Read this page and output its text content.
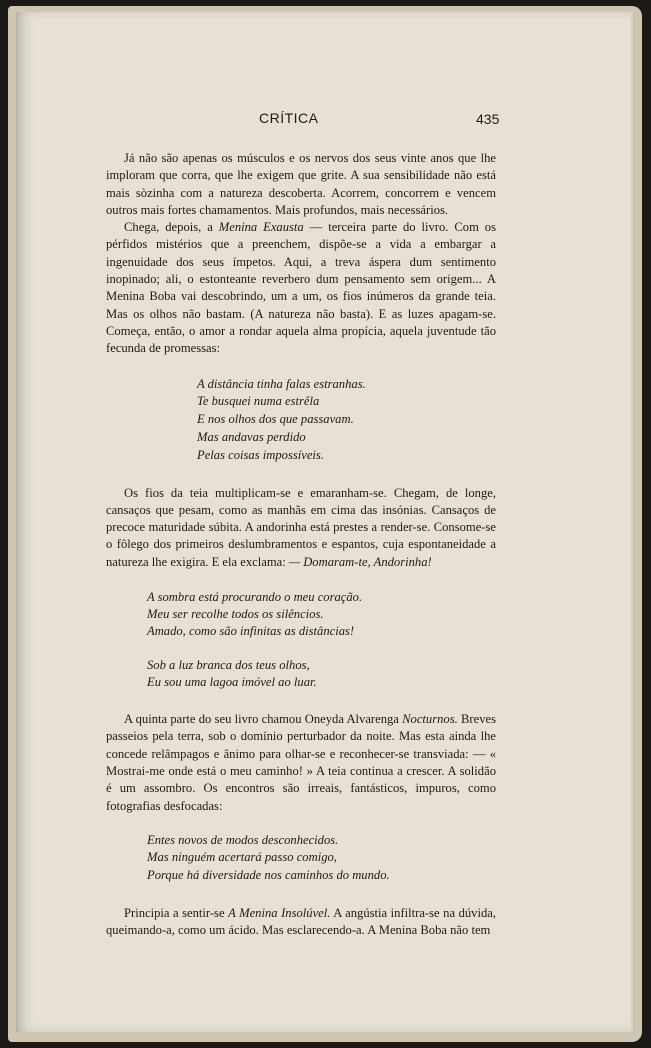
CRÍTICA	435

Já não são apenas os músculos e os nervos dos seus vinte anos que lhe imploram que corra, que lhe exigem que grite. A sua sensibilidade não está mais sòzinha com a natureza descoberta. Acorrem, concorrem e vencem outros mais fortes chamamentos. Mais profundos, mais necessários.

Chega, depois, a Menina Exausta — terceira parte do livro. Com os pérfidos mistérios que a preenchem, dispõe-se a vida a embargar a ingenuidade dos seus ímpetos. Aqui, a treva áspera dum sentimento inopinado; ali, o estonteante reverbero dum pensamento sem origem... A Menina Boba vai descobrindo, um a um, os fios inúmeros da grande teia. Mas os olhos não bastam. (A natureza não basta). E as luzes apagam-se. Começa, então, o amor a rondar aquela alma propícia, aquela juventude tão fecunda de promessas:

A distância tinha falas estranhas.
Te busquei numa estrêla
E nos olhos dos que passavam.
Mas andavas perdido
Pelas coisas impossíveis.

Os fios da teia multiplicam-se e emaranham-se. Chegam, de longe, cansaços que pesam, como as manhãs em cima das insónias. Cansaços de precoce maturidade súbita. A andorinha está prestes a render-se. Consome-se o fôlego dos primeiros deslumbramentos e espantos, cuja espontaneidade a natureza lhe exigira. E ela exclama: — Domaram-te, Andorinha!

A sombra está procurando o meu coração.
Meu ser recolhe todos os silêncios.
Amado, como são infinitas as distâncias!
Sob a luz branca dos teus olhos,
Eu sou uma lagoa imóvel ao luar.

A quinta parte do seu livro chamou Oneyda Alvarenga Nocturnos. Breves passeios pela terra, sob o domínio perturbador da noite. Mas esta ainda lhe concede relâmpagos e ânimo para olhar-se e reconhecer-se transviada: — « Mostrai-me onde está o meu caminho! » A teia continua a crescer. A solidão é um assombro. Os encontros são irreais, fantásticos, impuros, como fotografias desfocadas:

Entes novos de modos desconhecidos.
Mas ninguém acertará passo comigo,
Porque há diversidade nos caminhos do mundo.

Principia a sentir-se A Menina Insolúvel. A angústia infiltra-se na dúvida, queimando-a, como um ácido. Mas esclarecendo-a. A Menina Boba não tem
